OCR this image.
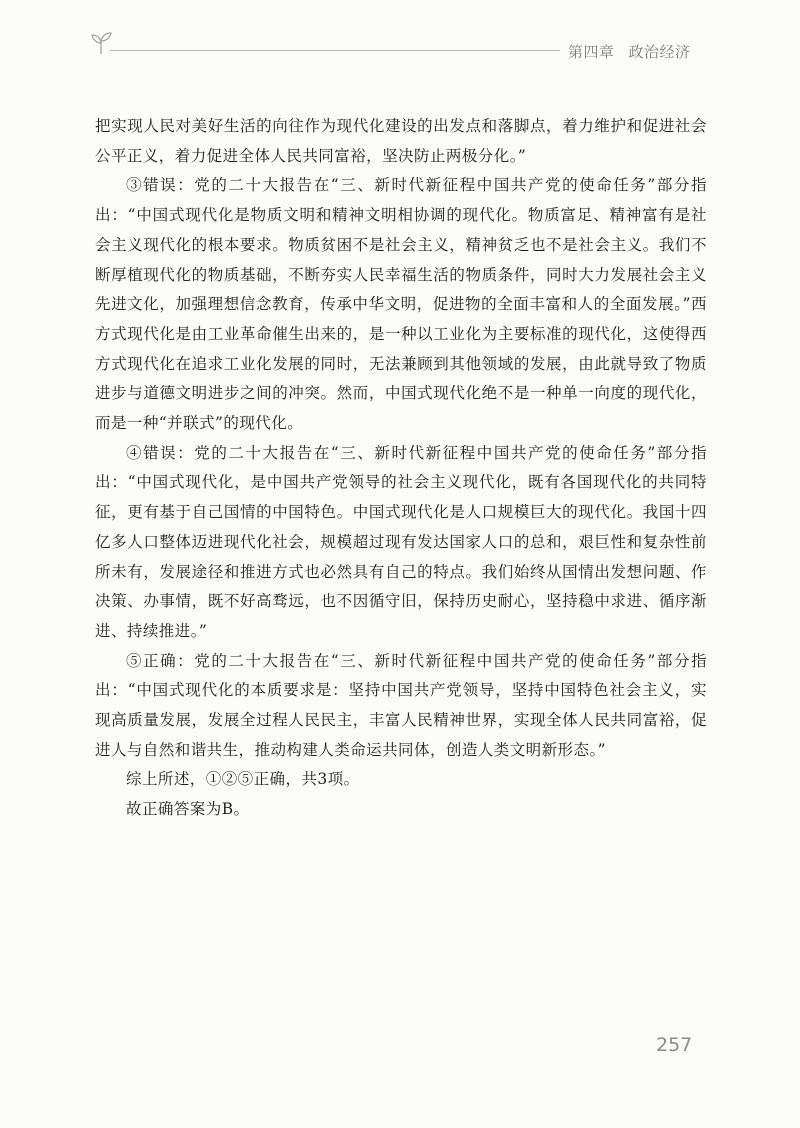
第四章 政治经济

把实现人民对美好生活的向往作为现代化建设的出发点和落脚点，着力维护和促进社会公平正义，着力促进全体人民共同富裕，坚决防止两极分化。”

③错误：党的二十大报告在“三、新时代新征程中国共产党的使命任务”部分指出：“中国式现代化是物质文明和精神文明相协调的现代化。物质富足、精神富有是社会主义现代化的根本要求。物质贫困不是社会主义，精神贫乏也不是社会主义。我们不断厚植现代化的物质基础，不断夯实人民幸福生活的物质条件，同时大力发展社会主义先进文化，加强理想信念教育，传承中华文明，促进物的全面丰富和人的全面发展。”西方式现代化是由工业革命催生出来的，是一种以工业化为主要标准的现代化，这使得西方式现代化在追求工业化发展的同时，无法兼顾到其他领域的发展，由此就导致了物质进步与道德文明进步之间的冲突。然而，中国式现代化绝不是一种单一向度的现代化，而是一种“并联式”的现代化。

④错误：党的二十大报告在“三、新时代新征程中国共产党的使命任务”部分指出：“中国式现代化，是中国共产党领导的社会主义现代化，既有各国现代化的共同特征，更有基于自己国情的中国特色。中国式现代化是人口规模巨大的现代化。我国十四亿多人口整体迈进现代化社会，规模超过现有发达国家人口的总和，艰巨性和复杂性前所未有，发展途径和推进方式也必然具有自己的特点。我们始终从国情出发想问题、作决策、办事情，既不好高骛远，也不因循守旧，保持历史耐心，坚持稳中求进、循序渐进、持续推进。”

⑤正确：党的二十大报告在“三、新时代新征程中国共产党的使命任务”部分指出：“中国式现代化的本质要求是：坚持中国共产党领导，坚持中国特色社会主义，实现高质量发展，发展全过程人民民主，丰富人民精神世界，实现全体人民共同富裕，促进人与自然和谐共生，推动构建人类命运共同体，创造人类文明新形态。”

综上所述，①②⑤正确，共3项。

故正确答案为B。

257
